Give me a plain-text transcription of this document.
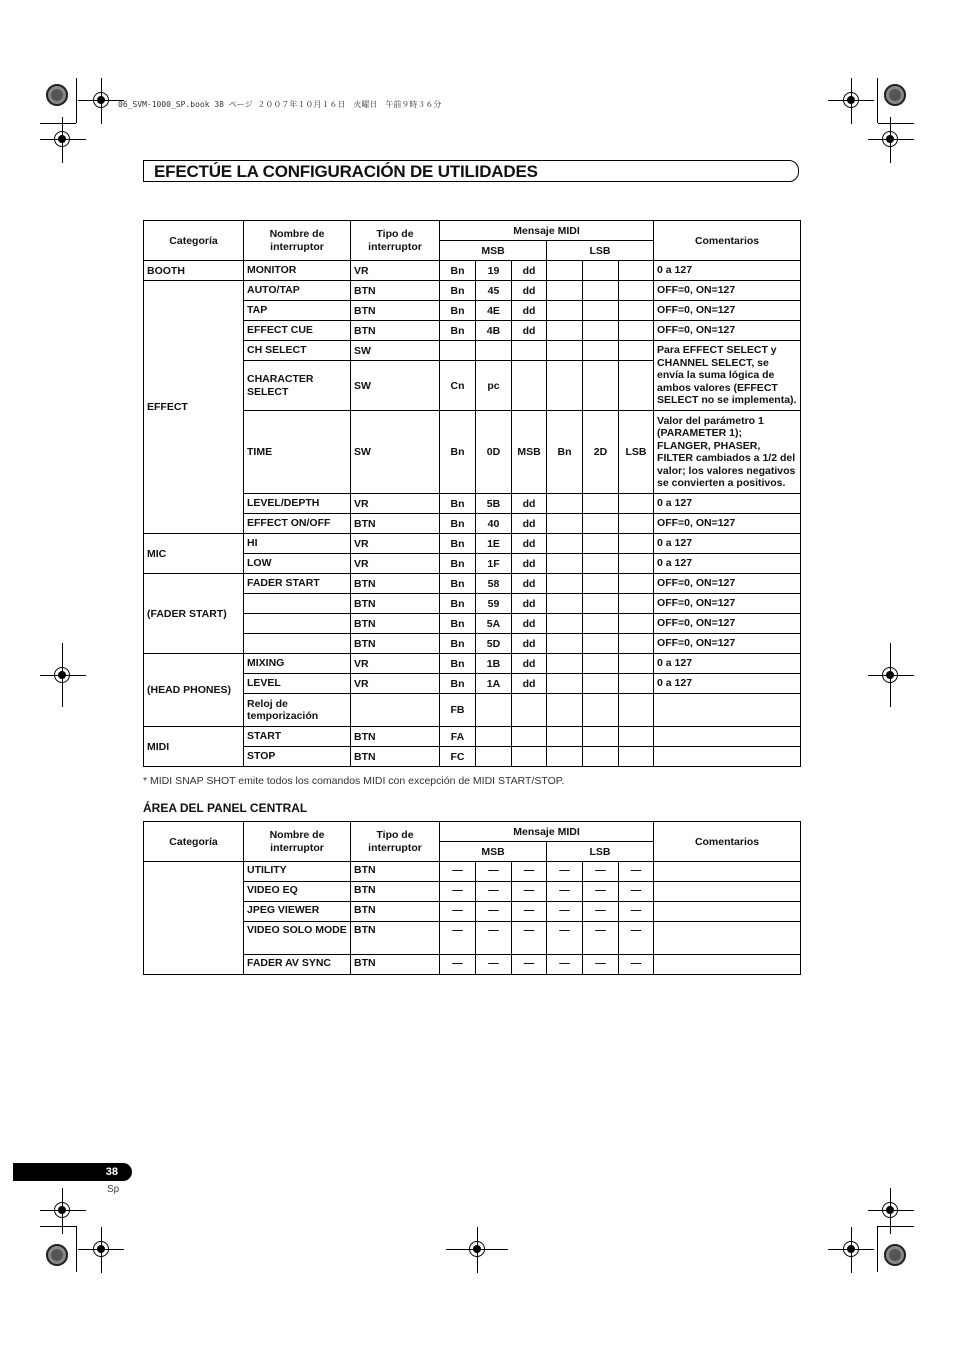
06_SVM-1000_SP.book 38 ページ ２００７年１０月１６日　火曜日　午前９時３６分
EFECTÚE LA CONFIGURACIÓN DE UTILIDADES
Categoría	Nombre de interruptor	Tipo de interruptor	Mensaje MIDI						Comentarios
			MSB			LSB			
BOOTH	MONITOR	VR	Bn	19	dd				0 a 127
EFFECT	AUTO/TAP	BTN	Bn	45	dd				OFF=0, ON=127
	TAP	BTN	Bn	4E	dd				OFF=0, ON=127
	EFFECT CUE	BTN	Bn	4B	dd				OFF=0, ON=127
	CH SELECT	SW							Para EFFECT SELECT y CHANNEL SELECT, se envía la suma lógica de ambos valores (EFFECT SELECT no se implementa).
	CHARACTER SELECT	SW	Cn	pc					
	TIME	SW	Bn	0D	MSB	Bn	2D	LSB	Valor del parámetro 1 (PARAMETER 1); FLANGER, PHASER, FILTER cambiados a 1/2 del valor; los valores negativos se convierten a positivos.
	LEVEL/DEPTH	VR	Bn	5B	dd				0 a 127
	EFFECT ON/OFF	BTN	Bn	40	dd				OFF=0, ON=127
MIC	HI	VR	Bn	1E	dd				0 a 127
	LOW	VR	Bn	1F	dd				0 a 127
(FADER START)	FADER START	BTN	Bn	58	dd				OFF=0, ON=127
		BTN	Bn	59	dd				OFF=0, ON=127
		BTN	Bn	5A	dd				OFF=0, ON=127
		BTN	Bn	5D	dd				OFF=0, ON=127
(HEAD PHONES)	MIXING	VR	Bn	1B	dd				0 a 127
	LEVEL	VR	Bn	1A	dd				0 a 127
	Reloj de temporización		FB						
MIDI	START	BTN	FA						
	STOP	BTN	FC						
* MIDI SNAP SHOT emite todos los comandos MIDI con excepción de MIDI START/STOP.
ÁREA DEL PANEL CENTRAL
Categoría	Nombre de interruptor	Tipo de interruptor	Mensaje MIDI						Comentarios
			MSB			LSB			
	UTILITY	BTN	—	—	—	—	—	—	
	VIDEO EQ	BTN	—	—	—	—	—	—	
	JPEG VIEWER	BTN	—	—	—	—	—	—	
	VIDEO SOLO MODE	BTN	—	—	—	—	—	—	
	FADER AV SYNC	BTN	—	—	—	—	—	—	
38
Sp
